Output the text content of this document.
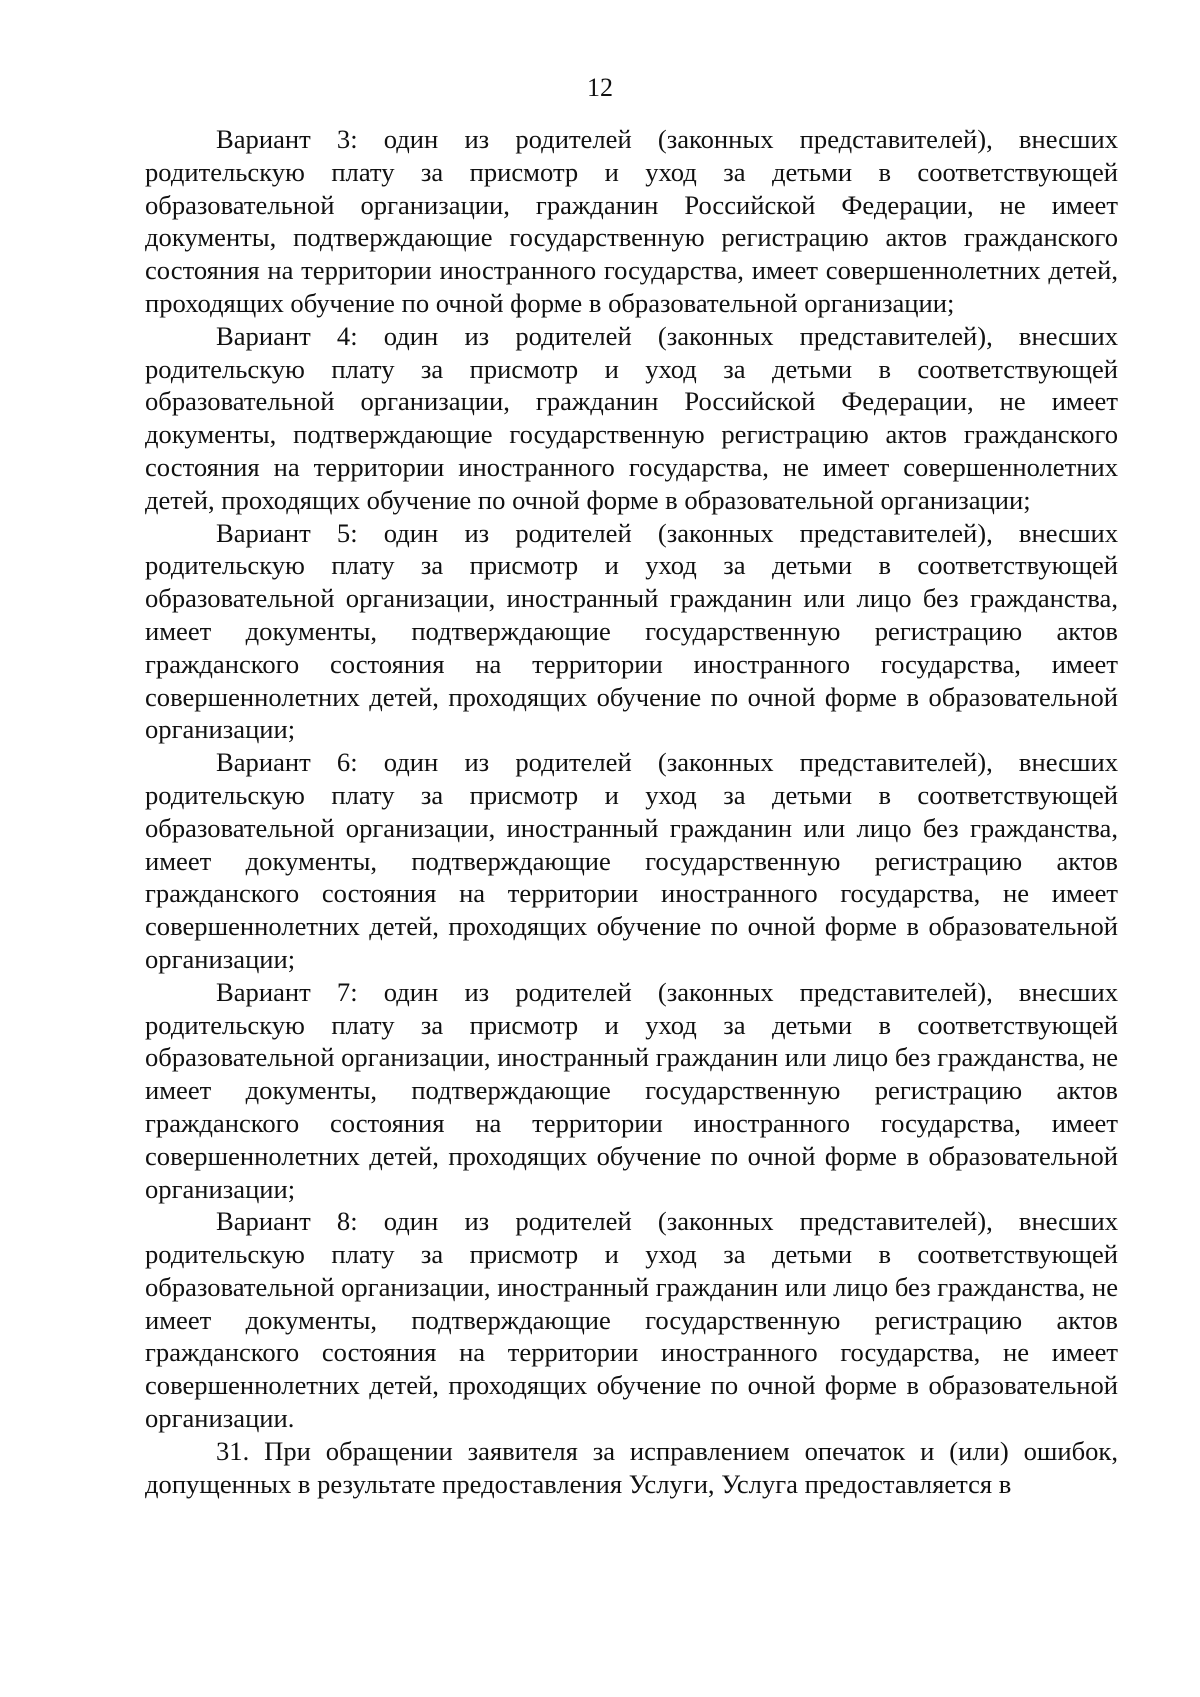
12

Вариант 3: один из родителей (законных представителей), внесших родительскую плату за присмотр и уход за детьми в соответствующей образовательной организации, гражданин Российской Федерации, не имеет документы, подтверждающие государственную регистрацию актов гражданского состояния на территории иностранного государства, имеет совершеннолетних детей, проходящих обучение по очной форме в образовательной организации;

Вариант 4: один из родителей (законных представителей), внесших родительскую плату за присмотр и уход за детьми в соответствующей образовательной организации, гражданин Российской Федерации, не имеет документы, подтверждающие государственную регистрацию актов гражданского состояния на территории иностранного государства, не имеет совершеннолетних детей, проходящих обучение по очной форме в образовательной организации;

Вариант 5: один из родителей (законных представителей), внесших родительскую плату за присмотр и уход за детьми в соответствующей образовательной организации, иностранный гражданин или лицо без гражданства, имеет документы, подтверждающие государственную регистрацию актов гражданского состояния на территории иностранного государства, имеет совершеннолетних детей, проходящих обучение по очной форме в образовательной организации;

Вариант 6: один из родителей (законных представителей), внесших родительскую плату за присмотр и уход за детьми в соответствующей образовательной организации, иностранный гражданин или лицо без гражданства, имеет документы, подтверждающие государственную регистрацию актов гражданского состояния на территории иностранного государства, не имеет совершеннолетних детей, проходящих обучение по очной форме в образовательной организации;

Вариант 7: один из родителей (законных представителей), внесших родительскую плату за присмотр и уход за детьми в соответствующей образовательной организации, иностранный гражданин или лицо без гражданства, не имеет документы, подтверждающие государственную регистрацию актов гражданского состояния на территории иностранного государства, имеет совершеннолетних детей, проходящих обучение по очной форме в образовательной организации;

Вариант 8: один из родителей (законных представителей), внесших родительскую плату за присмотр и уход за детьми в соответствующей образовательной организации, иностранный гражданин или лицо без гражданства, не имеет документы, подтверждающие государственную регистрацию актов гражданского состояния на территории иностранного государства, не имеет совершеннолетних детей, проходящих обучение по очной форме в образовательной организации.

31. При обращении заявителя за исправлением опечаток и (или) ошибок, допущенных в результате предоставления Услуги, Услуга предоставляется в
